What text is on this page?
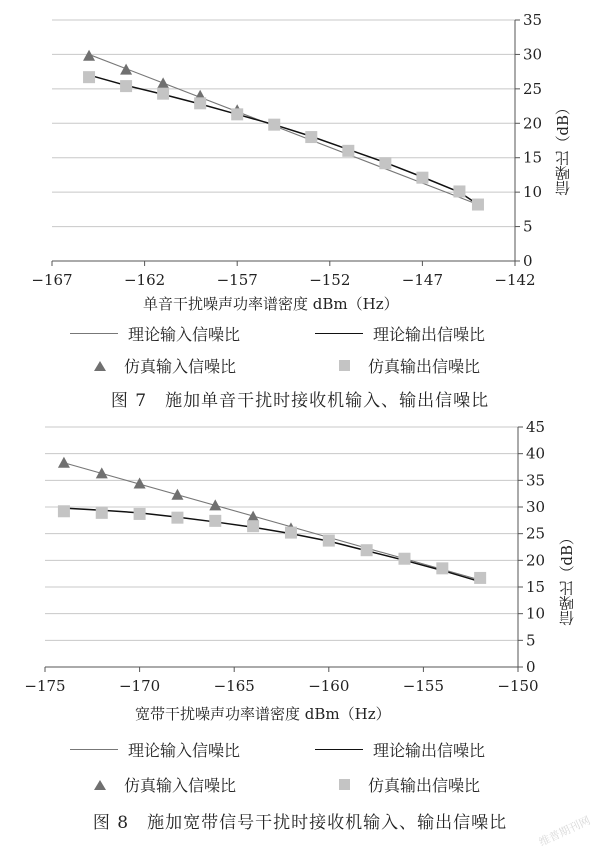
0
5
10
15
20
25
30
35
−167	−162	−157	−152	−147	−142
单音干扰噪声功率谱密度 dBm（Hz）
信噪比（dB）
理论输入信噪比	理论输出信噪比
仿真输入信噪比	仿真输出信噪比
图 7　施加单音干扰时接收机输入、输出信噪比
0
5
10
15
20
25
30
35
40
45
−175	−170	−165	−160	−155	−150
宽带干扰噪声功率谱密度 dBm（Hz）
信噪比（dB）
理论输入信噪比	理论输出信噪比
仿真输入信噪比	仿真输出信噪比
图 8　施加宽带信号干扰时接收机输入、输出信噪比	维普期刊网
